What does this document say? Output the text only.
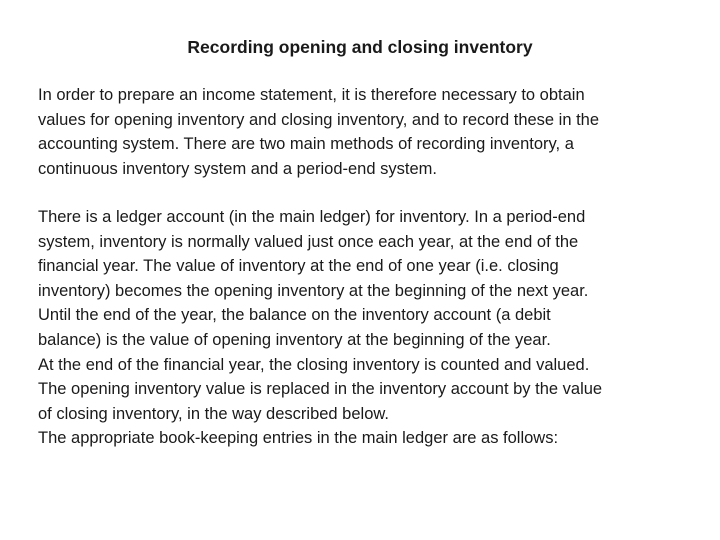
Recording opening and closing inventory
In order to prepare an income statement, it is therefore necessary to obtain
values for opening inventory and closing inventory, and to record these in the
accounting system. There are two main methods of recording inventory, a
continuous inventory system and a period-end system.
There is a ledger account (in the main ledger) for inventory. In a period-end
system, inventory is normally valued just once each year, at the end of the
financial year. The value of inventory at the end of one year (i.e. closing
inventory) becomes the opening inventory at the beginning of the next year.
Until the end of the year, the balance on the inventory account (a debit
balance) is the value of opening inventory at the beginning of the year.
At the end of the financial year, the closing inventory is counted and valued.
The opening inventory value is replaced in the inventory account by the value
of closing inventory, in the way described below.
The appropriate book-keeping entries in the main ledger are as follows:
